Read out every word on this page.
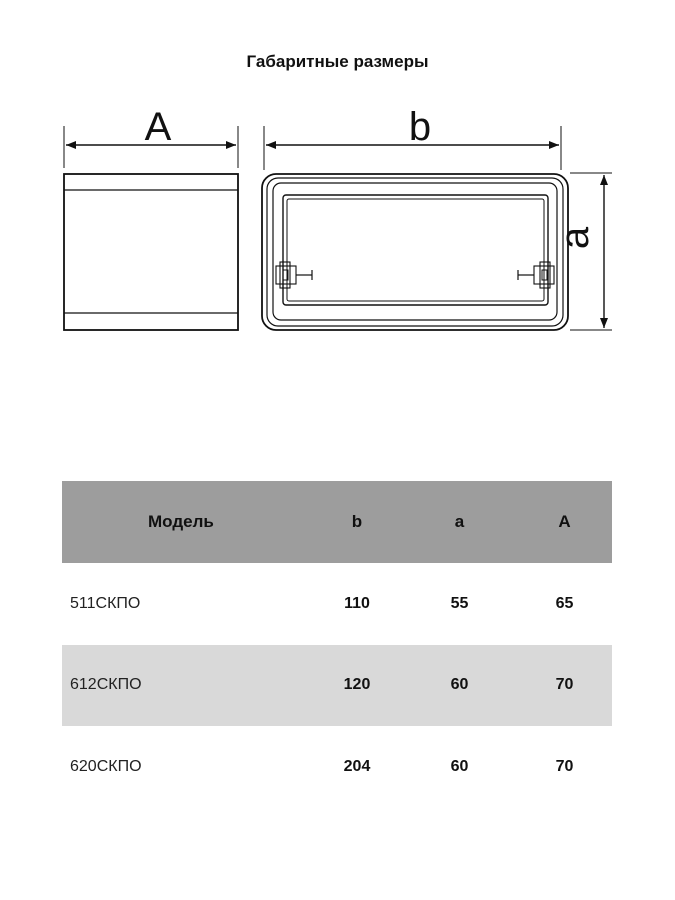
Габаритные размеры
A	b
a
Модель	b	a	A
511СКПО	110	55	65
612СКПО	120	60	70
620СКПО	204	60	70
